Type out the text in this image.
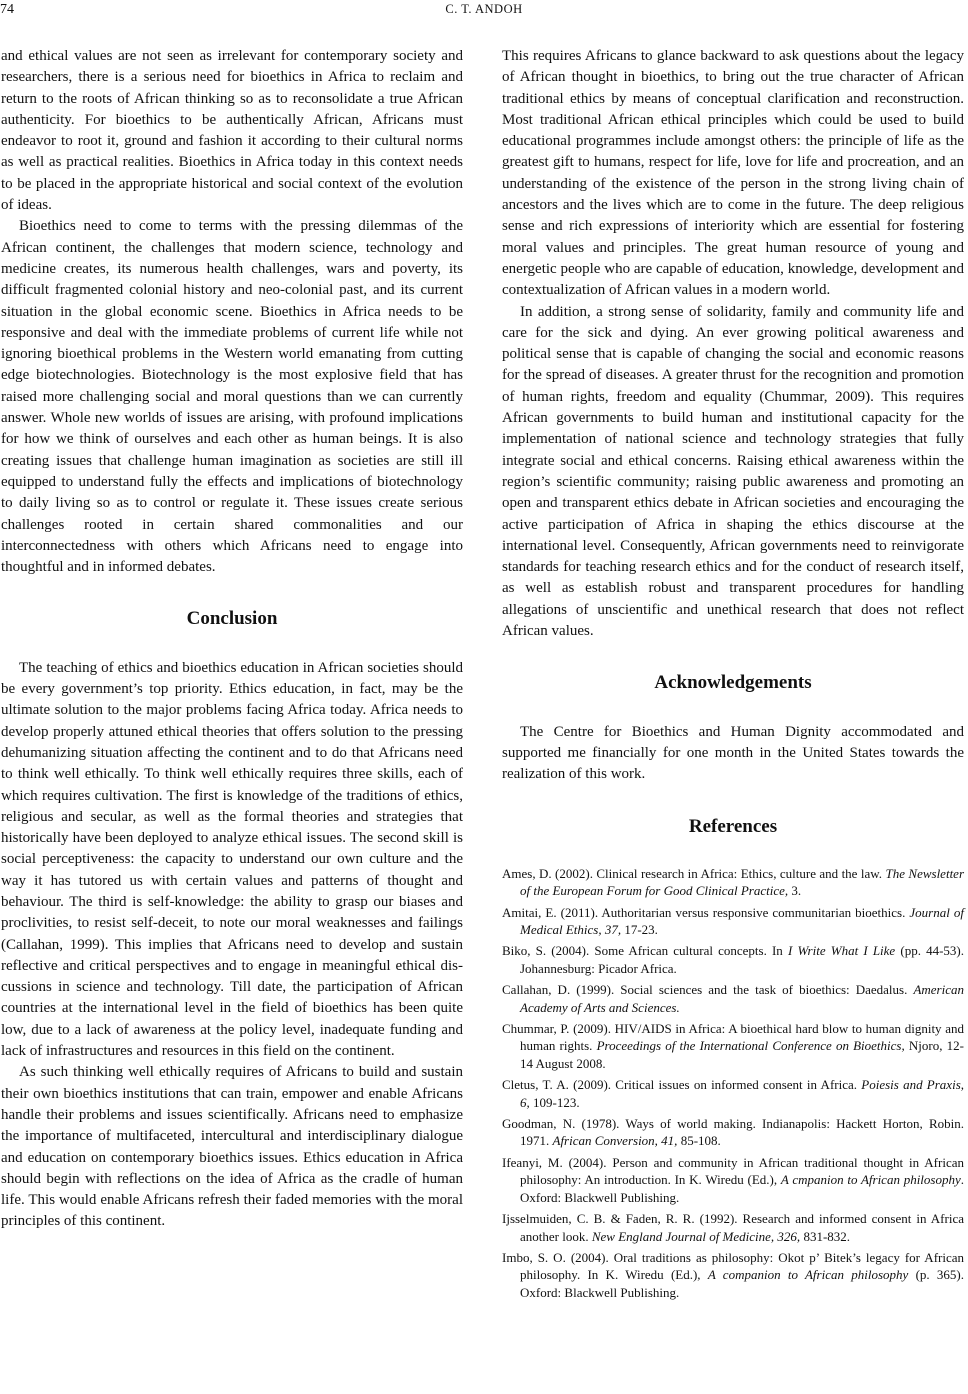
74	C. T. ANDOH

and ethical values are not seen as irrelevant for contemporary society and researchers, there is a serious need for bioethics in Africa to reclaim and return to the roots of African thinking so as to reconsolidate a true African authenticity. For bioethics to be authentically African, Africans must endeavor to root it, ground and fashion it according to their cultural norms as well as practical realities. Bioethics in Africa today in this context needs to be placed in the appropriate historical and social context of the evolution of ideas.

Bioethics need to come to terms with the pressing dilemmas of the African continent, the challenges that modern science, technology and medicine creates, its numerous health challenges, wars and poverty, its difficult fragmented colonial history and neo-colonial past, and its current situation in the global economic scene. Bioethics in Africa needs to be responsive and deal with the immediate problems of current life while not ignoring bioethical problems in the Western world emanating from cutting edge biotechnologies. Biotechnology is the most explosive field that has raised more challenging social and moral questions than we can currently answer. Whole new worlds of issues are arising, with profound implications for how we think of ourselves and each other as human beings. It is also creating issues that challenge human imagination as societies are still ill equipped to understand fully the effects and implications of biotechnology to daily living so as to control or regulate it. These issues create serious challenges rooted in certain shared commonalities and our interconnectedness with others which Africans need to engage into thoughtful and in informed debates.

Conclusion

The teaching of ethics and bioethics education in African societies should be every government’s top priority. Ethics education, in fact, may be the ultimate solution to the major problems facing Africa today. Africa needs to develop properly attuned ethical theories that offers solution to the pressing dehumanizing situation affecting the continent and to do that Africans need to think well ethically. To think well ethically requires three skills, each of which requires cultivation. The first is knowledge of the traditions of ethics, religious and secular, as well as the formal theories and strategies that historically have been deployed to analyze ethical issues. The second skill is social perceptiveness: the capacity to understand our own culture and the way it has tutored us with certain values and patterns of thought and behaviour. The third is self-knowledge: the ability to grasp our biases and proclivities, to resist self-deceit, to note our moral weaknesses and failings (Callahan, 1999). This implies that Africans need to develop and sustain reflective and critical perspectives and to engage in meaningful ethical discussions in science and technology. Till date, the participation of African countries at the international level in the field of bioethics has been quite low, due to a lack of awareness at the policy level, inadequate funding and lack of infrastructures and resources in this field on the continent.

As such thinking well ethically requires of Africans to build and sustain their own bioethics institutions that can train, empower and enable Africans handle their problems and issues scientifically. Africans need to emphasize the importance of multifaceted, intercultural and interdisciplinary dialogue and education on contemporary bioethics issues. Ethics education in Africa should begin with reflections on the idea of Africa as the cradle of human life. This would enable Africans refresh their faded memories with the moral principles of this continent.

This requires Africans to glance backward to ask questions about the legacy of African thought in bioethics, to bring out the true character of African traditional ethics by means of conceptual clarification and reconstruction. Most traditional African ethical principles which could be used to build educational programmes include amongst others: the principle of life as the greatest gift to humans, respect for life, love for life and procreation, and an understanding of the existence of the person in the strong living chain of ancestors and the lives which are to come in the future. The deep religious sense and rich expressions of interiority which are essential for fostering moral values and principles. The great human resource of young and energetic people who are capable of education, knowledge, development and contextualization of African values in a modern world.

In addition, a strong sense of solidarity, family and community life and care for the sick and dying. An ever growing political awareness and political sense that is capable of changing the social and economic reasons for the spread of diseases. A greater thrust for the recognition and promotion of human rights, freedom and equality (Chummar, 2009). This requires African governments to build human and institutional capacity for the implementation of national science and technology strategies that fully integrate social and ethical concerns. Raising ethical awareness within the region’s scientific community; raising public awareness and promoting an open and transparent ethics debate in African societies and encouraging the active participation of Africa in shaping the ethics discourse at the international level. Consequently, African governments need to reinvigorate standards for teaching research ethics and for the conduct of research itself, as well as establish robust and transparent procedures for handling allegations of unscientific and unethical research that does not reflect African values.

Acknowledgements

The Centre for Bioethics and Human Dignity accommodated and supported me financially for one month in the United States towards the realization of this work.

References
Ames, D. (2002). Clinical research in Africa: Ethics, culture and the law. The Newsletter of the European Forum for Good Clinical Practice, 3.
Amitai, E. (2011). Authoritarian versus responsive communitarian bioethics. Journal of Medical Ethics, 37, 17-23.
Biko, S. (2004). Some African cultural concepts. In I Write What I Like (pp. 44-53). Johannesburg: Picador Africa.
Callahan, D. (1999). Social sciences and the task of bioethics: Daedalus. American Academy of Arts and Sciences.
Chummar, P. (2009). HIV/AIDS in Africa: A bioethical hard blow to human dignity and human rights. Proceedings of the International Conference on Bioethics, Njoro, 12-14 August 2008.
Cletus, T. A. (2009). Critical issues on informed consent in Africa. Poiesis and Praxis, 6, 109-123.
Goodman, N. (1978). Ways of world making. Indianapolis: Hackett Horton, Robin. 1971. African Conversion, 41, 85-108.
Ifeanyi, M. (2004). Person and community in African traditional thought in African philosophy: An introduction. In K. Wiredu (Ed.), A cmpanion to African philosophy. Oxford: Blackwell Publishing.
Ijsselmuiden, C. B. & Faden, R. R. (1992). Research and informed consent in Africa another look. New England Journal of Medicine, 326, 831-832.
Imbo, S. O. (2004). Oral traditions as philosophy: Okot p’ Bitek’s legacy for African philosophy. In K. Wiredu (Ed.), A companion to African philosophy (p. 365). Oxford: Blackwell Publishing.
